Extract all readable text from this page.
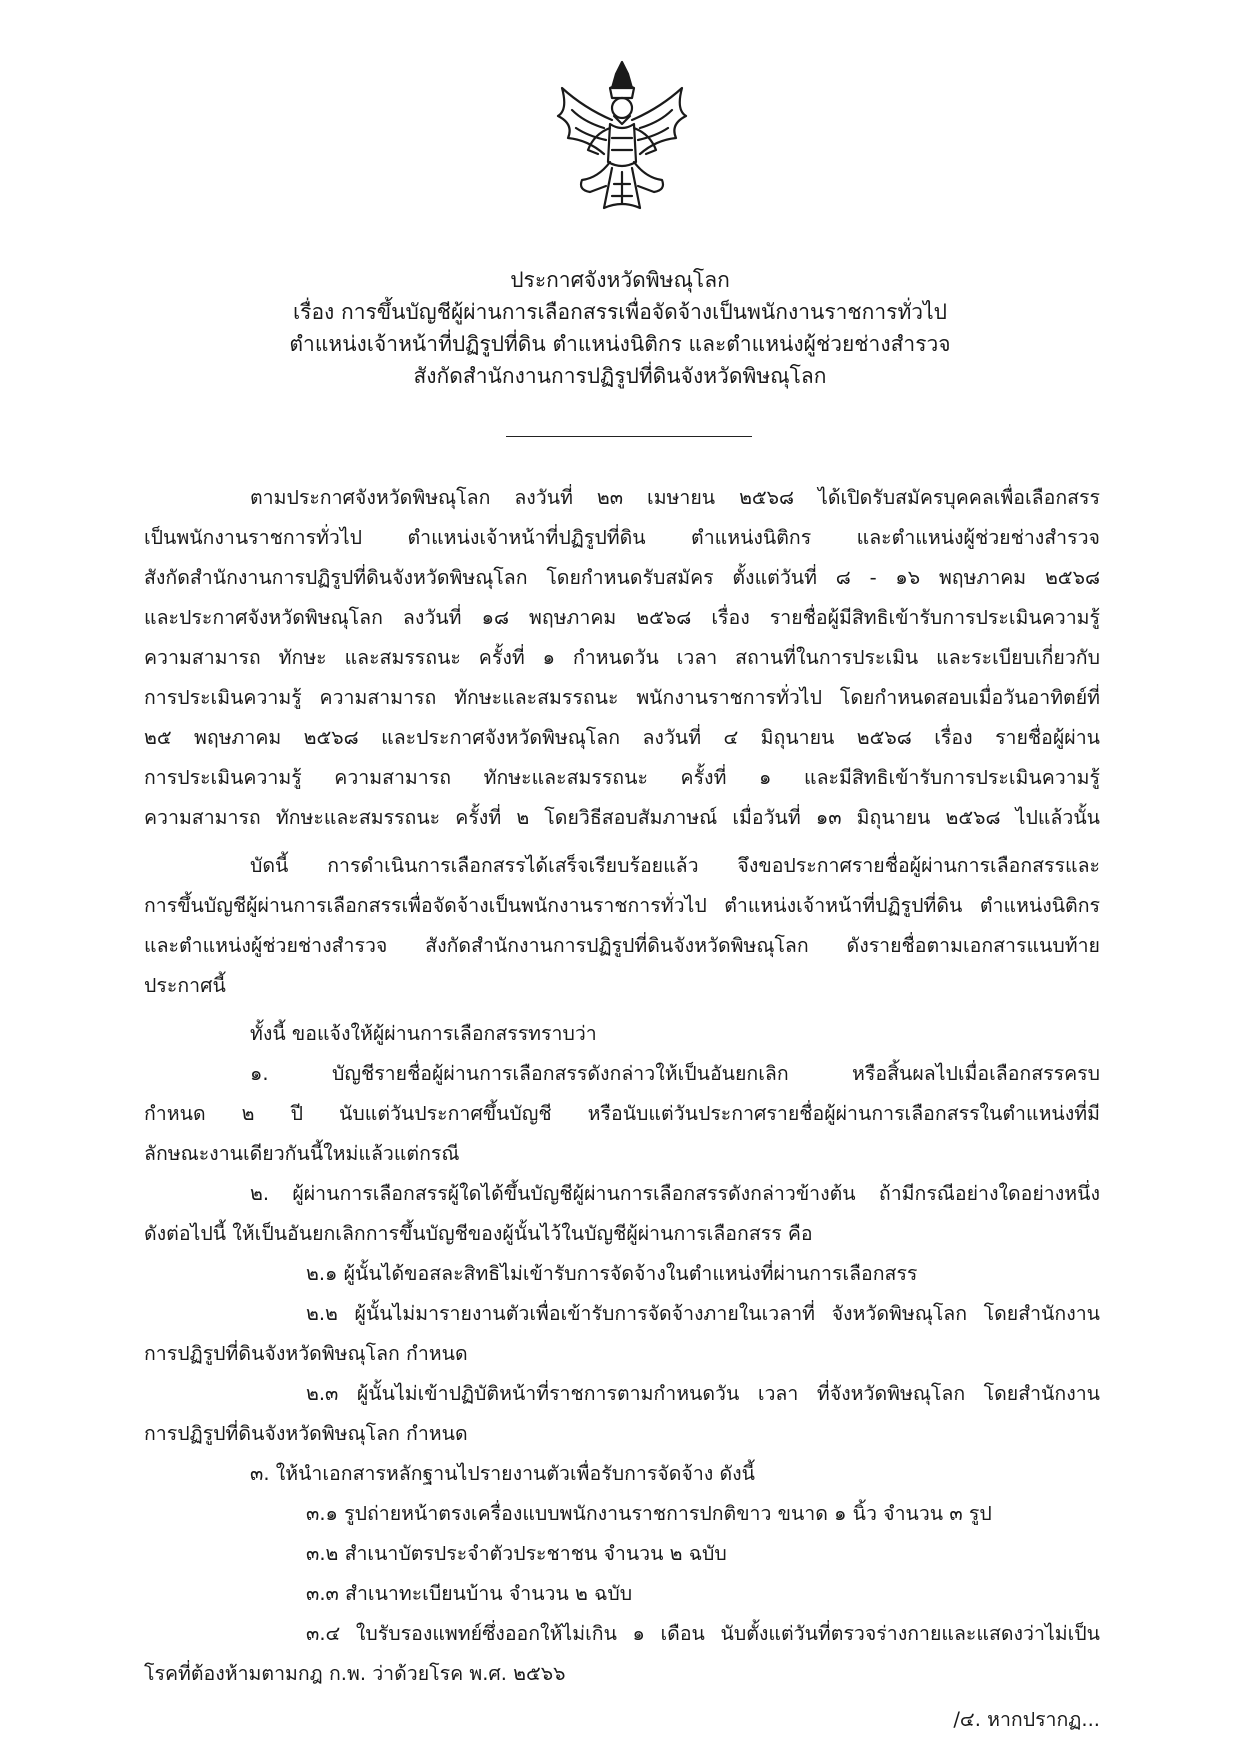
ประกาศจังหวัดพิษณุโลก
เรื่อง การขึ้นบัญชีผู้ผ่านการเลือกสรรเพื่อจัดจ้างเป็นพนักงานราชการทั่วไป
ตำแหน่งเจ้าหน้าที่ปฏิรูปที่ดิน ตำแหน่งนิติกร และตำแหน่งผู้ช่วยช่างสำรวจ
สังกัดสำนักงานการปฏิรูปที่ดินจังหวัดพิษณุโลก
ตามประกาศจังหวัดพิษณุโลก ลงวันที่ ๒๓ เมษายน ๒๕๖๘ ได้เปิดรับสมัครบุคคลเพื่อเลือกสรร
เป็นพนักงานราชการทั่วไป ตำแหน่งเจ้าหน้าที่ปฏิรูปที่ดิน ตำแหน่งนิติกร และตำแหน่งผู้ช่วยช่างสำรวจ
สังกัดสำนักงานการปฏิรูปที่ดินจังหวัดพิษณุโลก โดยกำหนดรับสมัคร ตั้งแต่วันที่ ๘ - ๑๖ พฤษภาคม ๒๕๖๘
และประกาศจังหวัดพิษณุโลก ลงวันที่ ๑๘ พฤษภาคม ๒๕๖๘ เรื่อง รายชื่อผู้มีสิทธิเข้ารับการประเมินความรู้
ความสามารถ ทักษะ และสมรรถนะ ครั้งที่ ๑ กำหนดวัน เวลา สถานที่ในการประเมิน และระเบียบเกี่ยวกับ
การประเมินความรู้ ความสามารถ ทักษะและสมรรถนะ พนักงานราชการทั่วไป โดยกำหนดสอบเมื่อวันอาทิตย์ที่
๒๕ พฤษภาคม ๒๕๖๘ และประกาศจังหวัดพิษณุโลก ลงวันที่ ๔ มิถุนายน ๒๕๖๘ เรื่อง รายชื่อผู้ผ่าน
การประเมินความรู้ ความสามารถ ทักษะและสมรรถนะ ครั้งที่ ๑ และมีสิทธิเข้ารับการประเมินความรู้
ความสามารถ ทักษะและสมรรถนะ ครั้งที่ ๒ โดยวิธีสอบสัมภาษณ์ เมื่อวันที่ ๑๓ มิถุนายน ๒๕๖๘ ไปแล้วนั้น
บัดนี้ การดำเนินการเลือกสรรได้เสร็จเรียบร้อยแล้ว จึงขอประกาศรายชื่อผู้ผ่านการเลือกสรรและ
การขึ้นบัญชีผู้ผ่านการเลือกสรรเพื่อจัดจ้างเป็นพนักงานราชการทั่วไป ตำแหน่งเจ้าหน้าที่ปฏิรูปที่ดิน ตำแหน่งนิติกร
และตำแหน่งผู้ช่วยช่างสำรวจ สังกัดสำนักงานการปฏิรูปที่ดินจังหวัดพิษณุโลก ดังรายชื่อตามเอกสารแนบท้าย
ประกาศนี้
ทั้งนี้ ขอแจ้งให้ผู้ผ่านการเลือกสรรทราบว่า
๑. บัญชีรายชื่อผู้ผ่านการเลือกสรรดังกล่าวให้เป็นอันยกเลิก หรือสิ้นผลไปเมื่อเลือกสรรครบ
กำหนด ๒ ปี นับแต่วันประกาศขึ้นบัญชี หรือนับแต่วันประกาศรายชื่อผู้ผ่านการเลือกสรรในตำแหน่งที่มี
ลักษณะงานเดียวกันนี้ใหม่แล้วแต่กรณี
๒. ผู้ผ่านการเลือกสรรผู้ใดได้ขึ้นบัญชีผู้ผ่านการเลือกสรรดังกล่าวข้างต้น ถ้ามีกรณีอย่างใดอย่างหนึ่ง
ดังต่อไปนี้ ให้เป็นอันยกเลิกการขึ้นบัญชีของผู้นั้นไว้ในบัญชีผู้ผ่านการเลือกสรร คือ
๒.๑ ผู้นั้นได้ขอสละสิทธิไม่เข้ารับการจัดจ้างในตำแหน่งที่ผ่านการเลือกสรร
๒.๒ ผู้นั้นไม่มารายงานตัวเพื่อเข้ารับการจัดจ้างภายในเวลาที่ จังหวัดพิษณุโลก โดยสำนักงาน
การปฏิรูปที่ดินจังหวัดพิษณุโลก กำหนด
๒.๓ ผู้นั้นไม่เข้าปฏิบัติหน้าที่ราชการตามกำหนดวัน เวลา ที่จังหวัดพิษณุโลก โดยสำนักงาน
การปฏิรูปที่ดินจังหวัดพิษณุโลก กำหนด
๓. ให้นำเอกสารหลักฐานไปรายงานตัวเพื่อรับการจัดจ้าง ดังนี้
๓.๑ รูปถ่ายหน้าตรงเครื่องแบบพนักงานราชการปกติขาว ขนาด ๑ นิ้ว จำนวน ๓ รูป
๓.๒ สำเนาบัตรประจำตัวประชาชน จำนวน ๒ ฉบับ
๓.๓ สำเนาทะเบียนบ้าน จำนวน ๒ ฉบับ
๓.๔ ใบรับรองแพทย์ซึ่งออกให้ไม่เกิน ๑ เดือน นับตั้งแต่วันที่ตรวจร่างกายและแสดงว่าไม่เป็น
โรคที่ต้องห้ามตามกฎ ก.พ. ว่าด้วยโรค พ.ศ. ๒๕๖๖
/๔. หากปรากฏ...
